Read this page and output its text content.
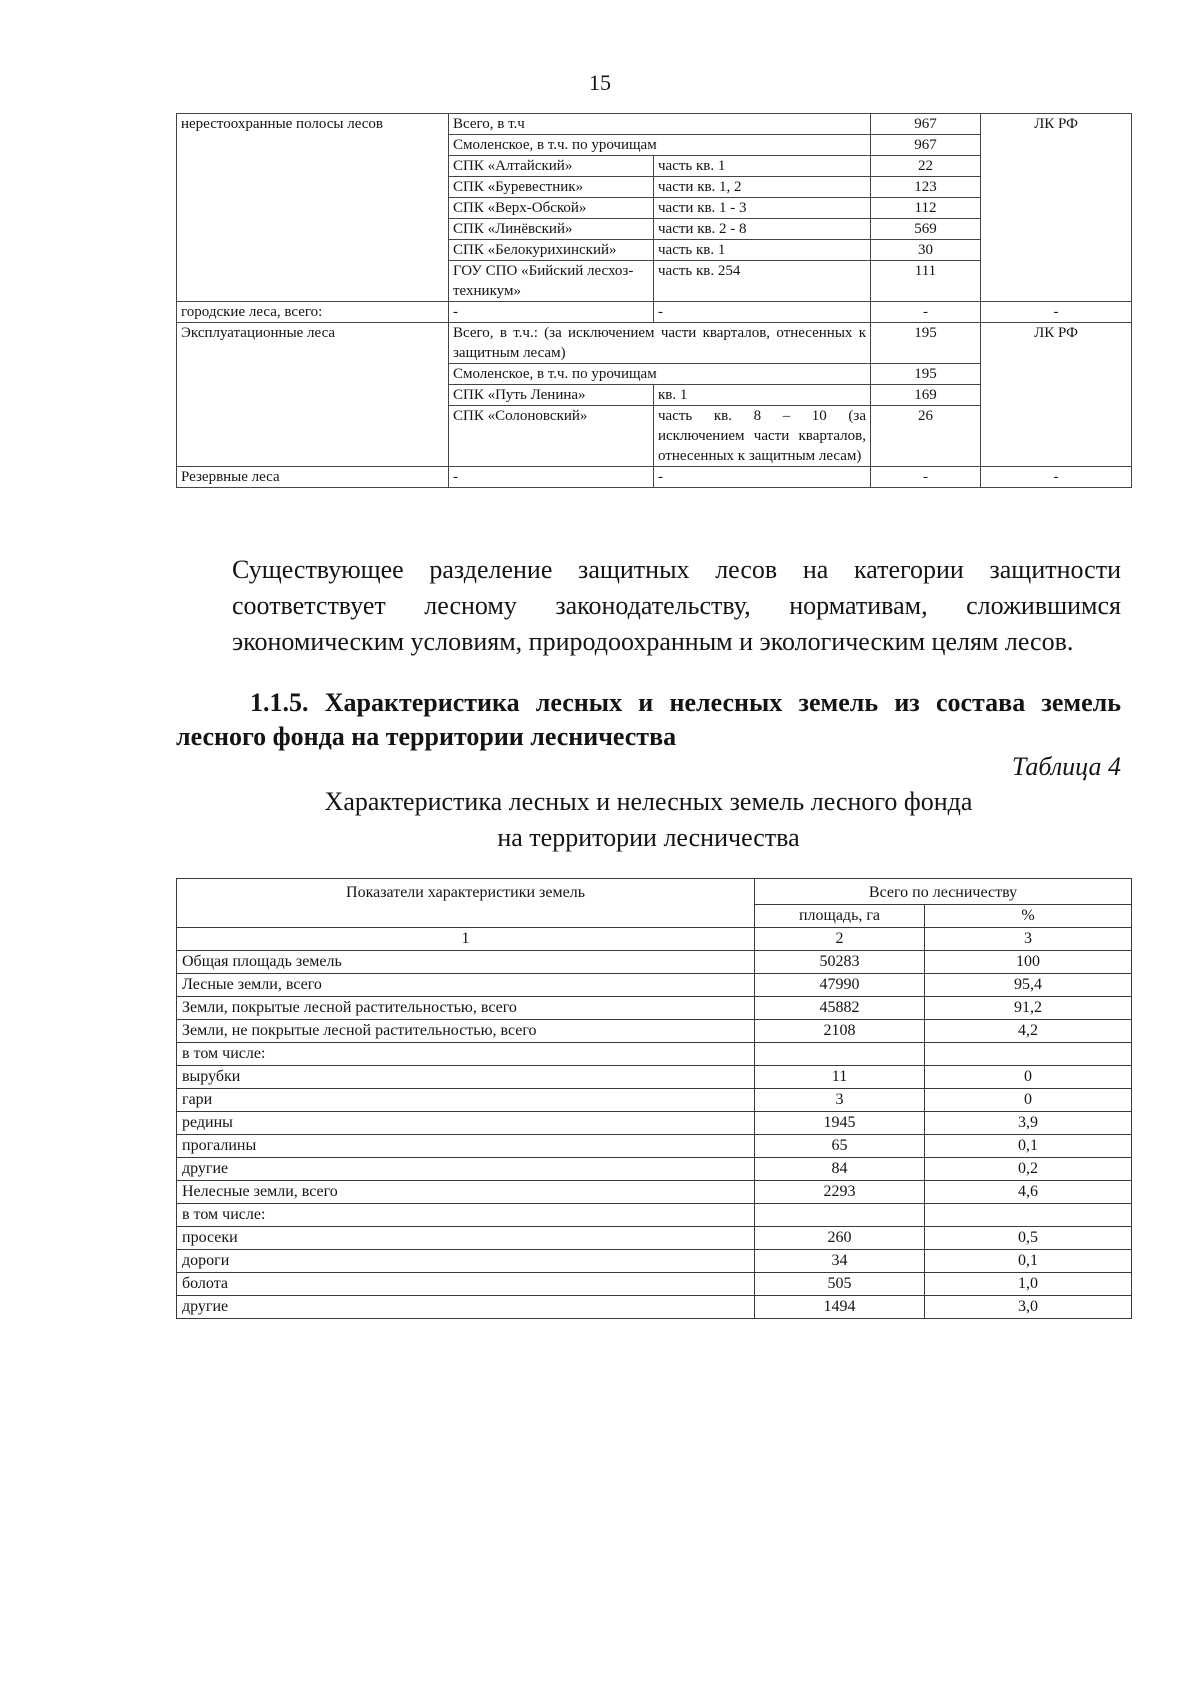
15
нерестоохранные полосы лесов	Всего, в т.ч		967	ЛК РФ
	Смоленское, в т.ч. по урочищам		967	
	СПК «Алтайский»	часть кв. 1	22	
	СПК «Буревестник»	части кв. 1, 2	123	
	СПК «Верх-Обской»	части кв. 1 - 3	112	
	СПК «Линёвский»	части кв. 2 - 8	569	
	СПК «Белокурихинский»	часть кв. 1	30	
	ГОУ СПО «Бийский лесхоз-техникум»	часть кв. 254	111	
городские леса, всего:	-	-	-	-
Эксплуатационные леса	Всего, в т.ч.: (за исключением части кварталов, отнесенных к защитным лесам)		195	ЛК РФ
	Смоленское, в т.ч. по урочищам		195	
	СПК «Путь Ленина»	кв. 1	169	
	СПК «Солоновский»	часть кв. 8 – 10 (за исключением части кварталов, отнесенных к защитным лесам)	26	
Резервные леса	-	-	-	-
Существующее разделение защитных лесов на категории защитности
соответствует лесному законодательству, нормативам, сложившимся
экономическим условиям, природоохранным и экологическим целям лесов.
1.1.5. Характеристика лесных и нелесных земель из состава земель
лесного фонда на территории лесничества
Таблица 4
Характеристика лесных и нелесных земель лесного фонда
на территории лесничества
Показатели характеристики земель	Всего по лесничеству	
	площадь, га	%
1	2	3
Общая площадь земель	50283	100
Лесные земли, всего	47990	95,4
Земли, покрытые лесной растительностью, всего	45882	91,2
Земли, не покрытые лесной растительностью, всего	2108	4,2
в том числе:		
вырубки	11	0
гари	3	0
редины	1945	3,9
прогалины	65	0,1
другие	84	0,2
Нелесные земли, всего	2293	4,6
в том числе:		
просеки	260	0,5
дороги	34	0,1
болота	505	1,0
другие	1494	3,0
